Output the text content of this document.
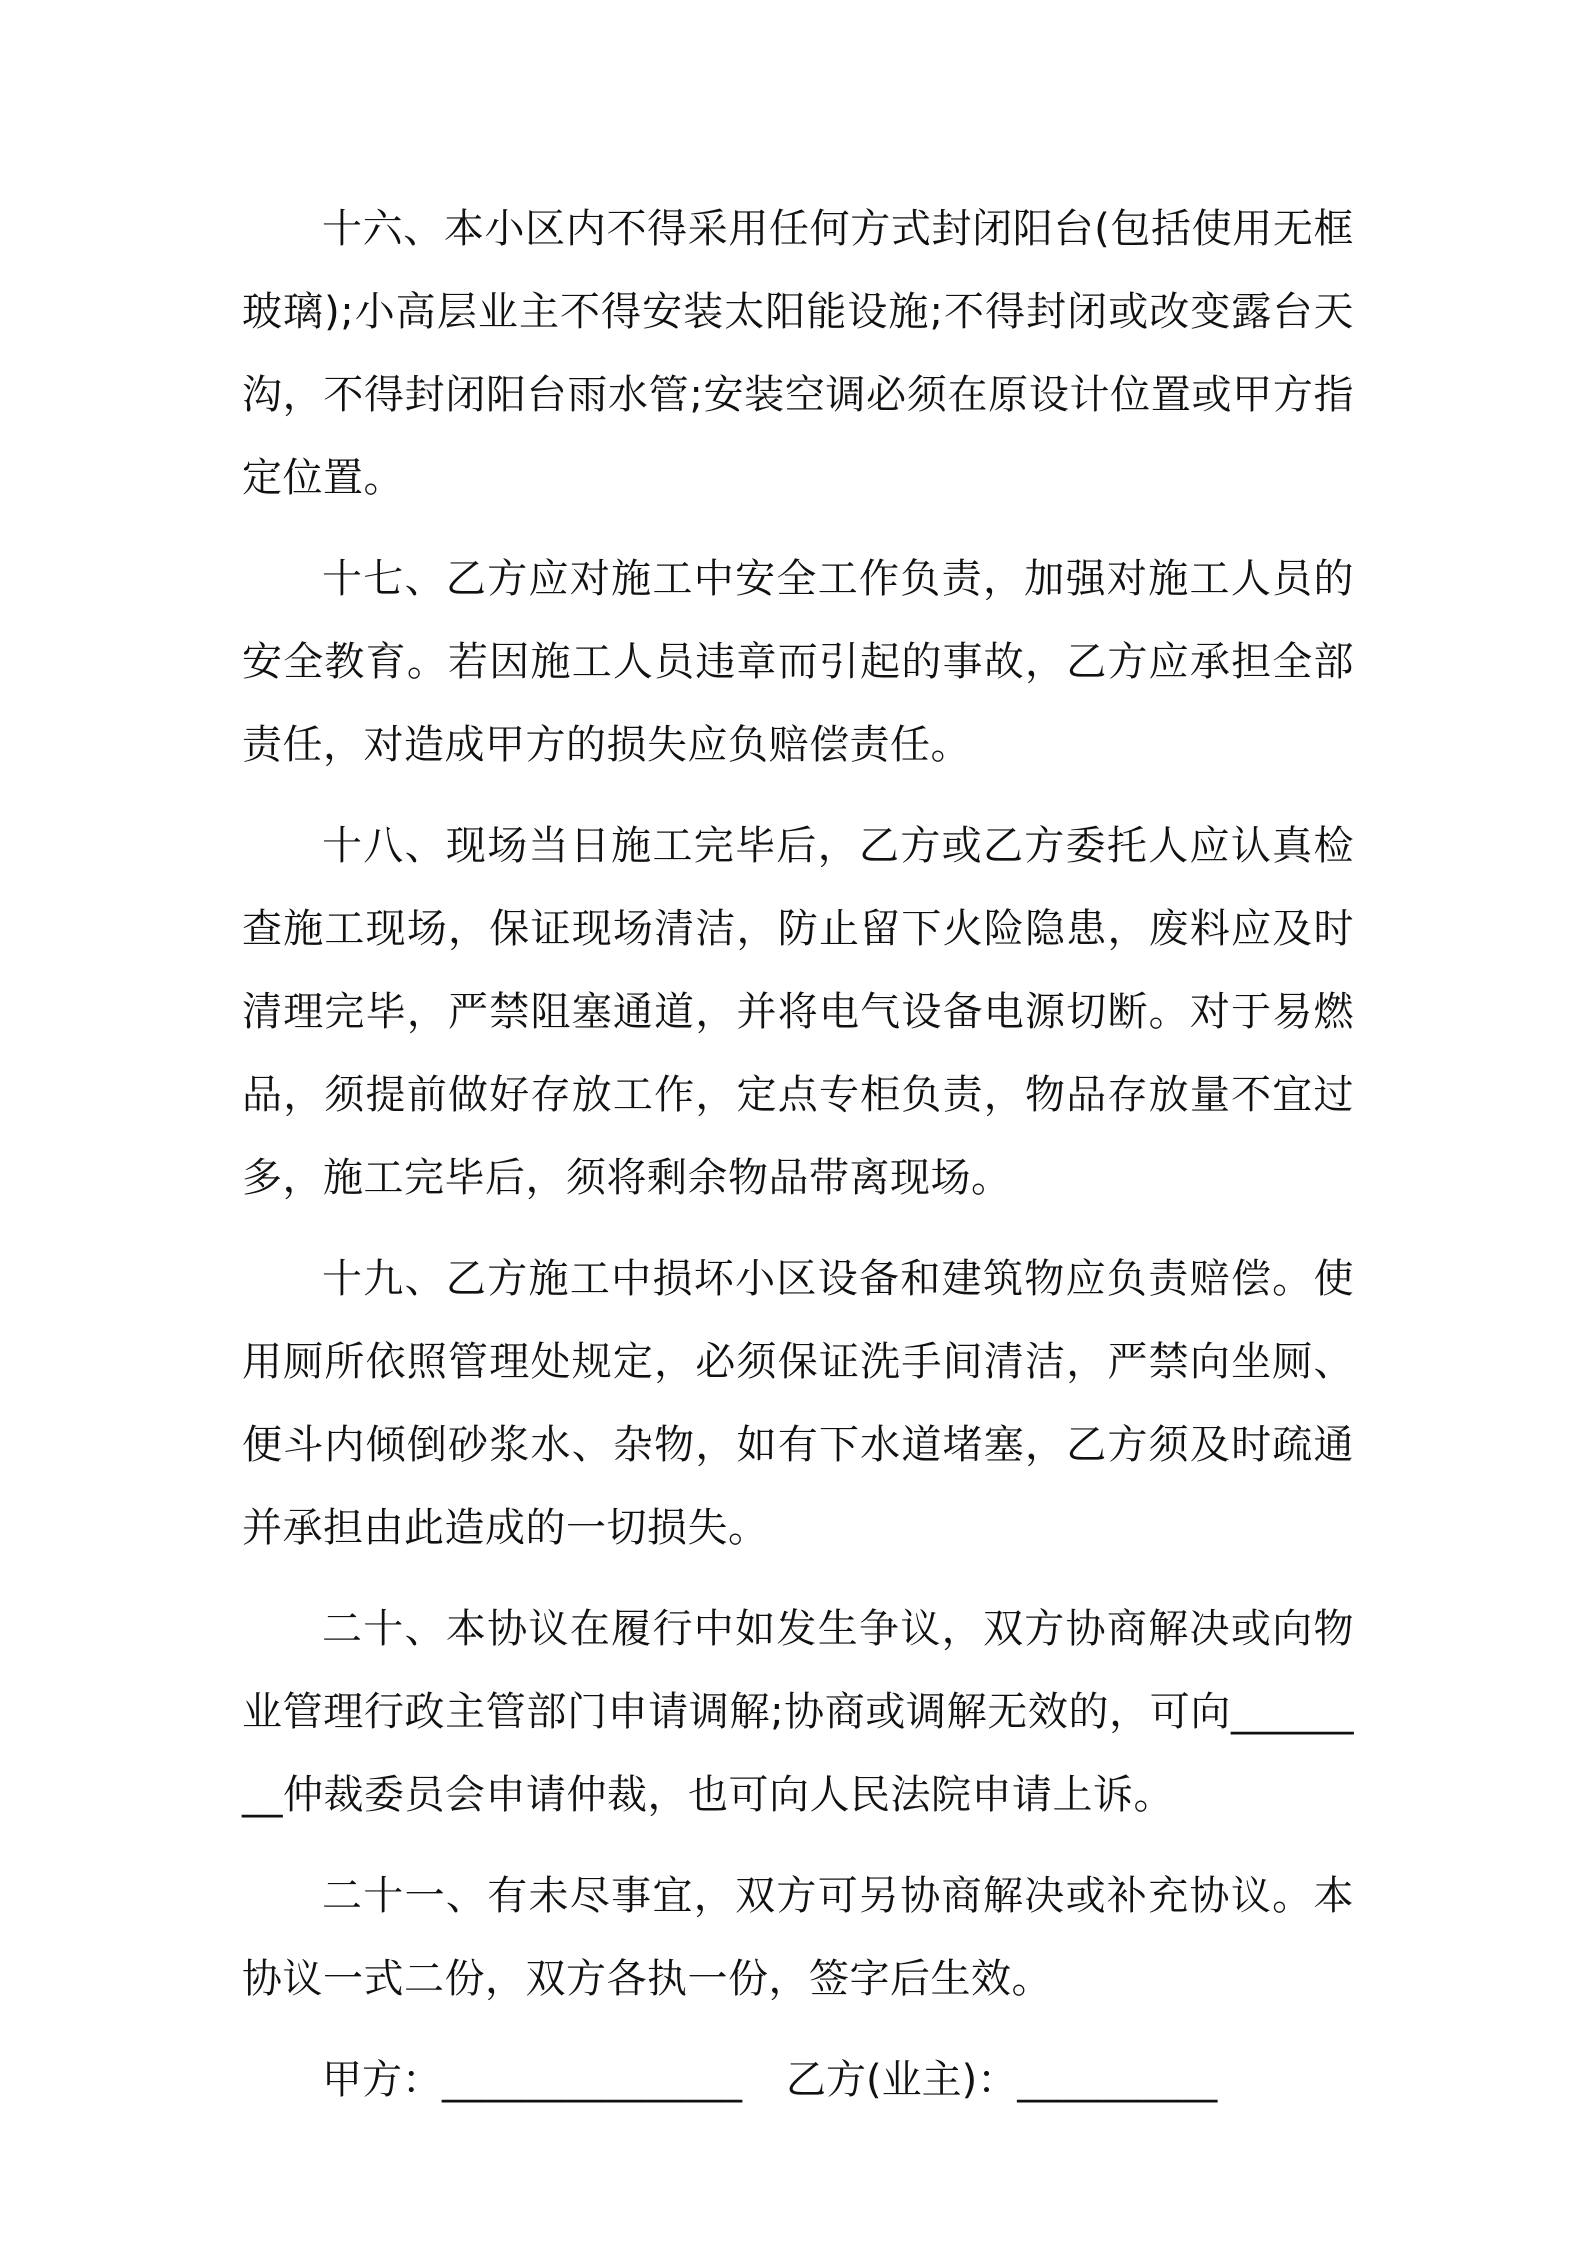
十六、本小区内不得采用任何方式封闭阳台(包括使用无框玻璃);小高层业主不得安装太阳能设施;不得封闭或改变露台天沟，不得封闭阳台雨水管;安装空调必须在原设计位置或甲方指定位置。

十七、乙方应对施工中安全工作负责，加强对施工人员的安全教育。若因施工人员违章而引起的事故，乙方应承担全部责任，对造成甲方的损失应负赔偿责任。

十八、现场当日施工完毕后，乙方或乙方委托人应认真检查施工现场，保证现场清洁，防止留下火险隐患，废料应及时清理完毕，严禁阻塞通道，并将电气设备电源切断。对于易燃品，须提前做好存放工作，定点专柜负责，物品存放量不宜过多，施工完毕后，须将剩余物品带离现场。

十九、乙方施工中损坏小区设备和建筑物应负责赔偿。使用厕所依照管理处规定，必须保证洗手间清洁，严禁向坐厕、便斗内倾倒砂浆水、杂物，如有下水道堵塞，乙方须及时疏通并承担由此造成的一切损失。

二十、本协议在履行中如发生争议，双方协商解决或向物业管理行政主管部门申请调解;协商或调解无效的，可向________仲裁委员会申请仲裁，也可向人民法院申请上诉。

二十一、有未尽事宜，双方可另协商解决或补充协议。本协议一式二份，双方各执一份，签字后生效。

甲方：_______________ 乙方(业主)：__________
